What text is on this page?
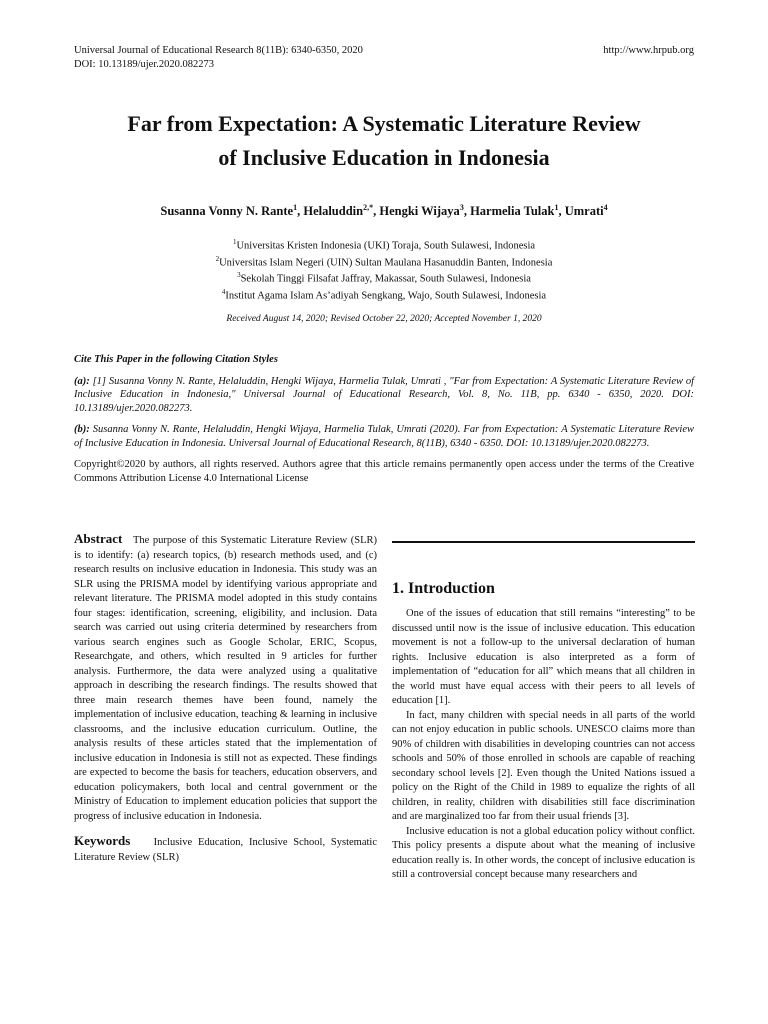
Universal Journal of Educational Research 8(11B): 6340-6350, 2020
DOI: 10.13189/ujer.2020.082273
http://www.hrpub.org
Far from Expectation: A Systematic Literature Review
of Inclusive Education in Indonesia
Susanna Vonny N. Rante$^1$, Helaluddin$^{2,*}$, Hengki Wijaya$^3$, Harmelia Tulak$^1$, Umrati$^4$
$^1$Universitas Kristen Indonesia (UKI) Toraja, South Sulawesi, Indonesia
$^2$Universitas Islam Negeri (UIN) Sultan Maulana Hasanuddin Banten, Indonesia
$^3$Sekolah Tinggi Filsafat Jaffray, Makassar, South Sulawesi, Indonesia
$^4$Institut Agama Islam As’adiyah Sengkang, Wajo, South Sulawesi, Indonesia
Received August 14, 2020; Revised October 22, 2020; Accepted November 1, 2020

Cite This Paper in the following Citation Styles

(a): [1] Susanna Vonny N. Rante, Helaluddin, Hengki Wijaya, Harmelia Tulak, Umrati , "Far from Expectation: A Systematic Literature Review of Inclusive Education in Indonesia," Universal Journal of Educational Research, Vol. 8, No. 11B, pp. 6340 - 6350, 2020. DOI: 10.13189/ujer.2020.082273.

(b): Susanna Vonny N. Rante, Helaluddin, Hengki Wijaya, Harmelia Tulak, Umrati (2020). Far from Expectation: A Systematic Literature Review of Inclusive Education in Indonesia. Universal Journal of Educational Research, 8(11B), 6340 - 6350. DOI: 10.13189/ujer.2020.082273.

Copyright©2020 by authors, all rights reserved. Authors agree that this article remains permanently open access under the terms of the Creative Commons Attribution License 4.0 International License

Abstract The purpose of this Systematic Literature Review (SLR) is to identify: (a) research topics, (b) research methods used, and (c) research results on inclusive education in Indonesia. This study was an SLR using the PRISMA model by identifying various appropriate and relevant literature. The PRISMA model adopted in this study contains four stages: identification, screening, eligibility, and inclusion. Data search was carried out using criteria determined by researchers from various search engines such as Google Scholar, ERIC, Scopus, Researchgate, and others, which resulted in 9 articles for further analysis. Furthermore, the data were analyzed using a qualitative approach in describing the research findings. The results showed that three main research themes have been found, namely the implementation of inclusive education, teaching & learning in inclusive classrooms, and the inclusive education curriculum. Outline, the analysis results of these articles stated that the implementation of inclusive education in Indonesia is still not as expected. These findings are expected to become the basis for teachers, education observers, and education policymakers, both local and central government or the Ministry of Education to implement education policies that support the progress of inclusive education in Indonesia.

Keywords Inclusive Education, Inclusive School, Systematic Literature Review (SLR)

1. Introduction

One of the issues of education that still remains “interesting” to be discussed until now is the issue of inclusive education. This education movement is not a follow-up to the universal declaration of human rights. Inclusive education is also interpreted as a form of implementation of “education for all” which means that all children in the world must have equal access with their peers to all levels of education [1].

In fact, many children with special needs in all parts of the world can not enjoy education in public schools. UNESCO claims more than 90% of children with disabilities in developing countries can not access schools and 50% of those enrolled in schools are capable of reaching secondary school levels [2]. Even though the United Nations issued a policy on the Right of the Child in 1989 to equalize the rights of all children, in reality, children with disabilities still face discrimination and are marginalized too far from their usual friends [3].

Inclusive education is not a global education policy without conflict. This policy presents a dispute about what the meaning of inclusive education really is. In other words, the concept of inclusive education is still a controversial concept because many researchers and
